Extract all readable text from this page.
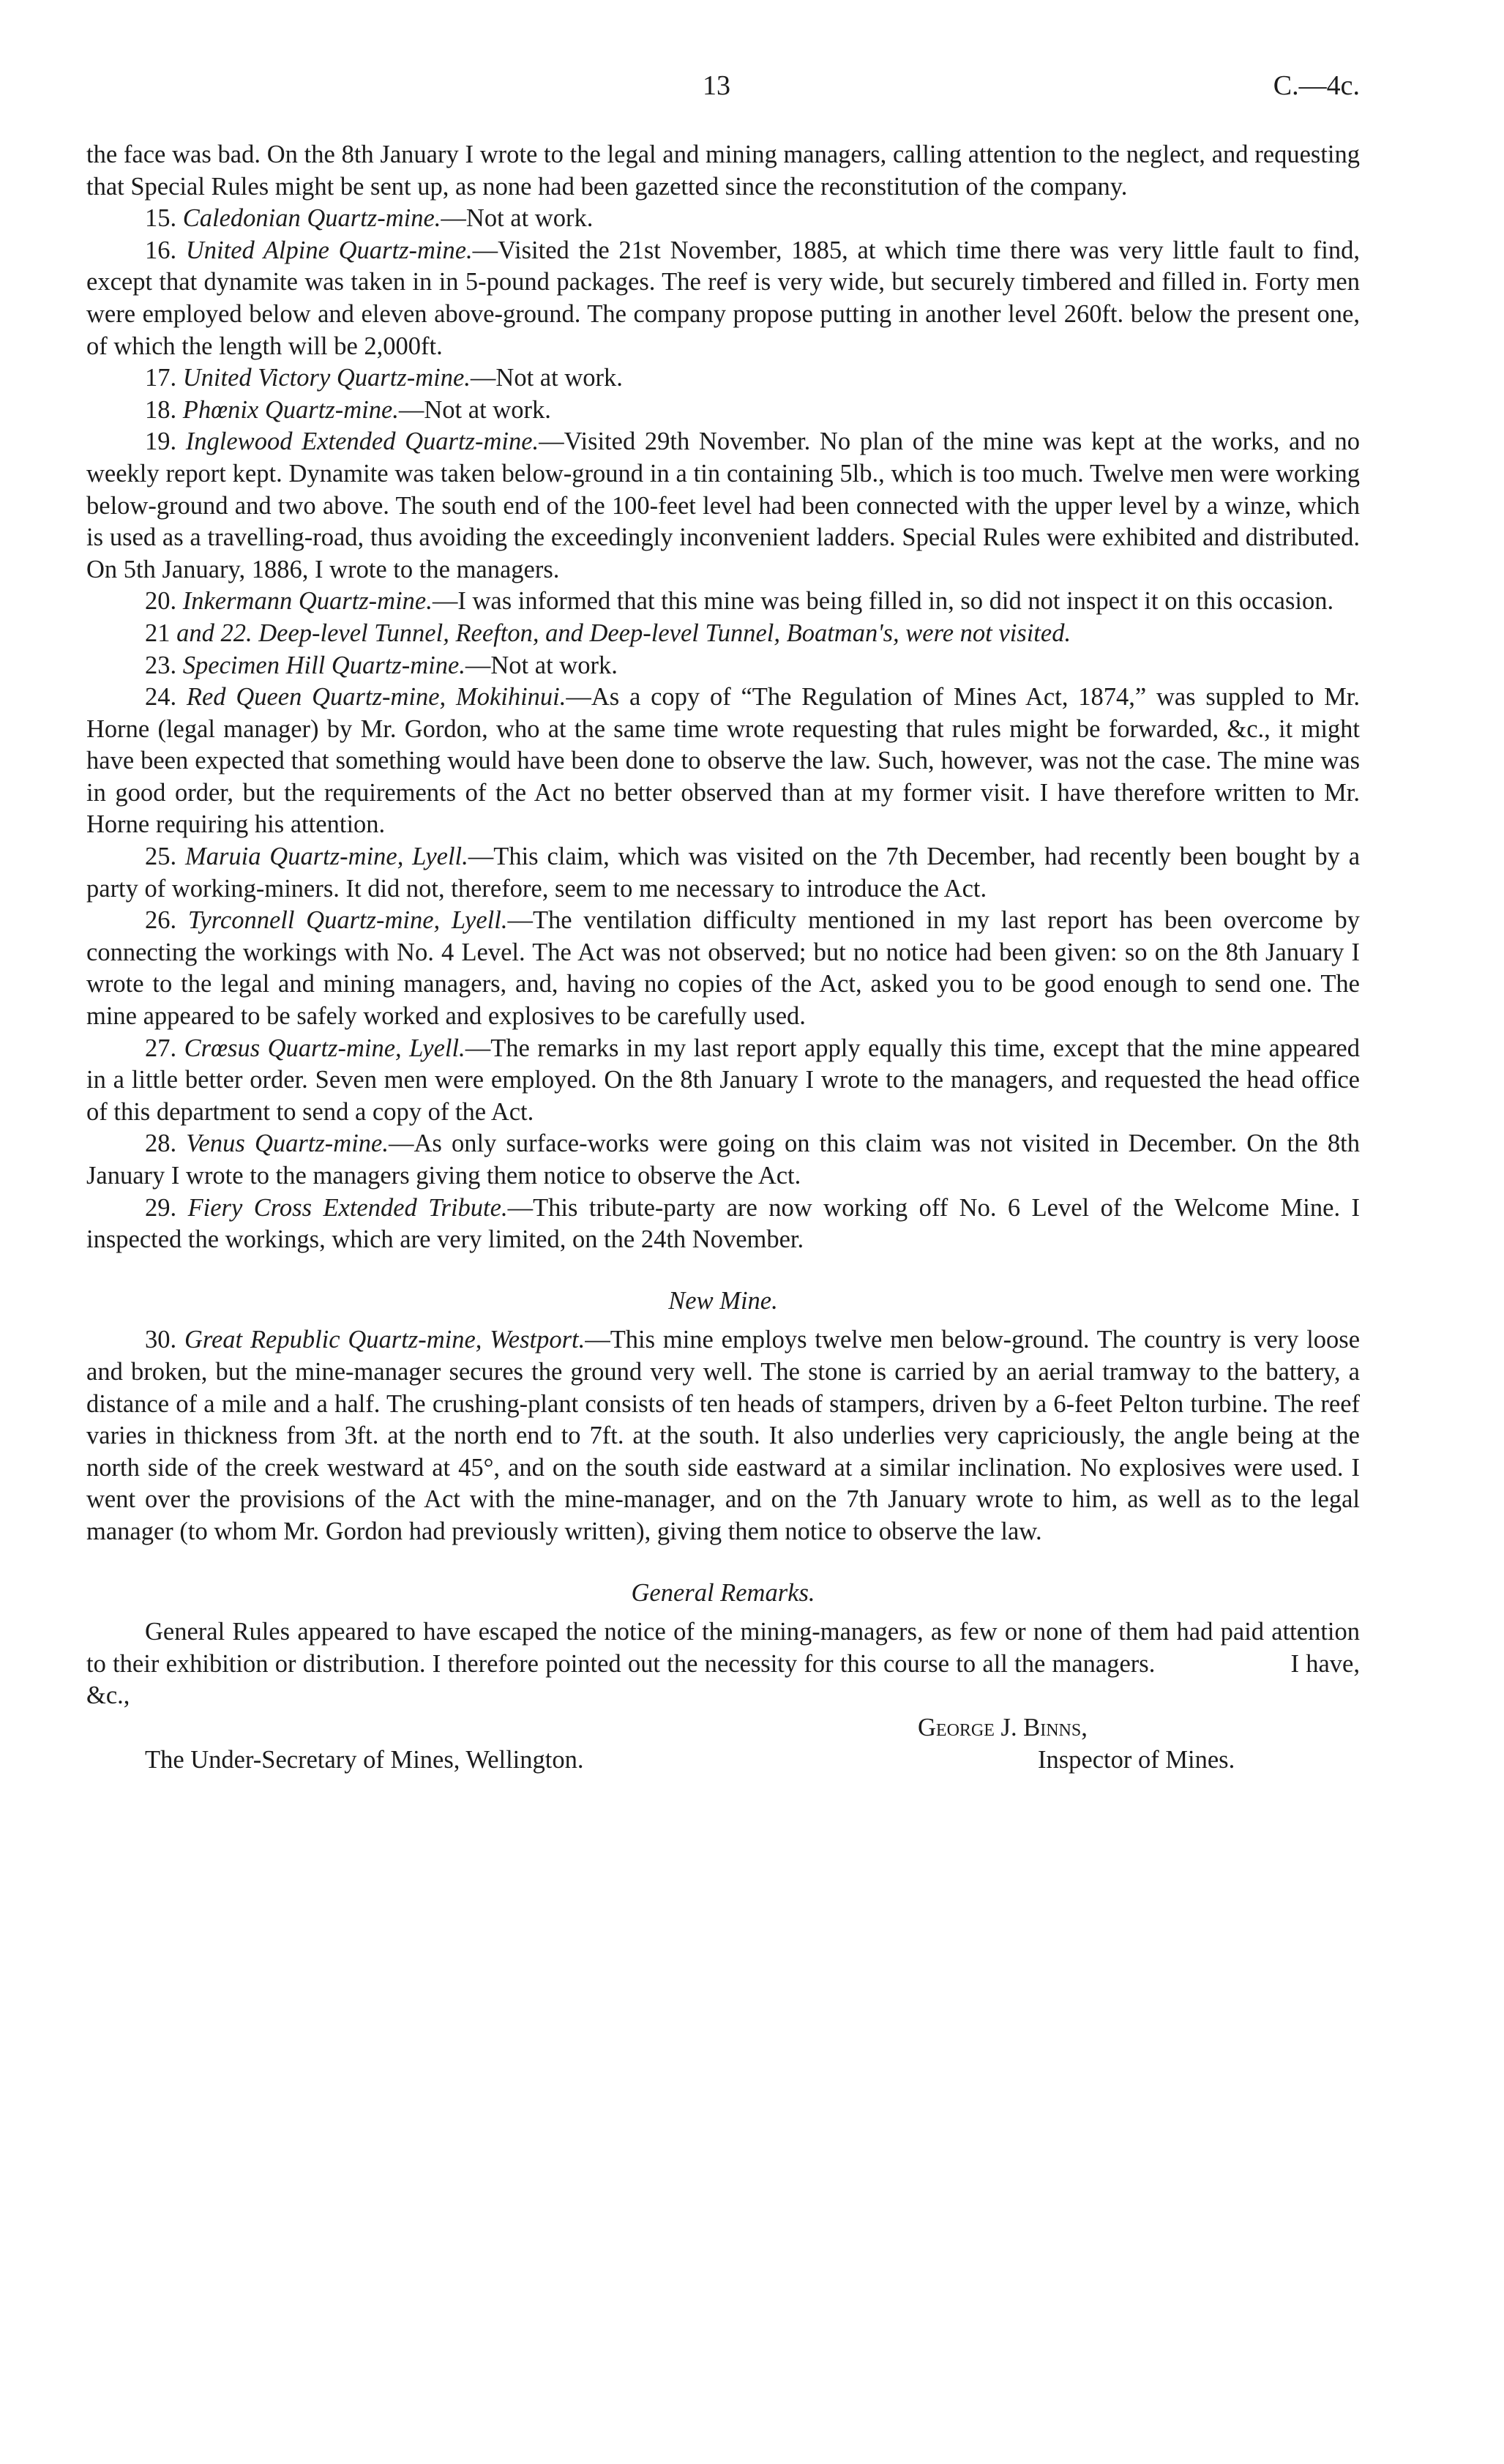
13	C.—4c.

the face was bad. On the 8th January I wrote to the legal and mining managers, calling attention to the neglect, and requesting that Special Rules might be sent up, as none had been gazetted since the reconstitution of the company.

15. Caledonian Quartz-mine.—Not at work.

16. United Alpine Quartz-mine.—Visited the 21st November, 1885, at which time there was very little fault to find, except that dynamite was taken in in 5-pound packages. The reef is very wide, but securely timbered and filled in. Forty men were employed below and eleven above-ground. The company propose putting in another level 260ft. below the present one, of which the length will be 2,000ft.

17. United Victory Quartz-mine.—Not at work.

18. Phœnix Quartz-mine.—Not at work.

19. Inglewood Extended Quartz-mine.—Visited 29th November. No plan of the mine was kept at the works, and no weekly report kept. Dynamite was taken below-ground in a tin containing 5lb., which is too much. Twelve men were working below-ground and two above. The south end of the 100-feet level had been connected with the upper level by a winze, which is used as a travelling-road, thus avoiding the exceedingly inconvenient ladders. Special Rules were exhibited and distributed. On 5th January, 1886, I wrote to the managers.

20. Inkermann Quartz-mine.—I was informed that this mine was being filled in, so did not inspect it on this occasion.

21 and 22. Deep-level Tunnel, Reefton, and Deep-level Tunnel, Boatman's, were not visited.

23. Specimen Hill Quartz-mine.—Not at work.

24. Red Queen Quartz-mine, Mokihinui.—As a copy of “The Regulation of Mines Act, 1874,” was suppled to Mr. Horne (legal manager) by Mr. Gordon, who at the same time wrote requesting that rules might be forwarded, &c., it might have been expected that something would have been done to observe the law. Such, however, was not the case. The mine was in good order, but the requirements of the Act no better observed than at my former visit. I have therefore written to Mr. Horne requiring his attention.

25. Maruia Quartz-mine, Lyell.—This claim, which was visited on the 7th December, had recently been bought by a party of working-miners. It did not, therefore, seem to me necessary to introduce the Act.

26. Tyrconnell Quartz-mine, Lyell.—The ventilation difficulty mentioned in my last report has been overcome by connecting the workings with No. 4 Level. The Act was not observed; but no notice had been given: so on the 8th January I wrote to the legal and mining managers, and, having no copies of the Act, asked you to be good enough to send one. The mine appeared to be safely worked and explosives to be carefully used.

27. Crœsus Quartz-mine, Lyell.—The remarks in my last report apply equally this time, except that the mine appeared in a little better order. Seven men were employed. On the 8th January I wrote to the managers, and requested the head office of this department to send a copy of the Act.

28. Venus Quartz-mine.—As only surface-works were going on this claim was not visited in December. On the 8th January I wrote to the managers giving them notice to observe the Act.

29. Fiery Cross Extended Tribute.—This tribute-party are now working off No. 6 Level of the Welcome Mine. I inspected the workings, which are very limited, on the 24th November.

New Mine.

30. Great Republic Quartz-mine, Westport.—This mine employs twelve men below-ground. The country is very loose and broken, but the mine-manager secures the ground very well. The stone is carried by an aerial tramway to the battery, a distance of a mile and a half. The crushing-plant consists of ten heads of stampers, driven by a 6-feet Pelton turbine. The reef varies in thickness from 3ft. at the north end to 7ft. at the south. It also underlies very capriciously, the angle being at the north side of the creek westward at 45°, and on the south side eastward at a similar inclination. No explosives were used. I went over the provisions of the Act with the mine-manager, and on the 7th January wrote to him, as well as to the legal manager (to whom Mr. Gordon had previously written), giving them notice to observe the law.

General Remarks.

General Rules appeared to have escaped the notice of the mining-managers, as few or none of them had paid attention to their exhibition or distribution. I therefore pointed out the necessity for this course to all the managers.	I have, &c.,

George J. Binns,
The Under-Secretary of Mines, Wellington.	Inspector of Mines.
